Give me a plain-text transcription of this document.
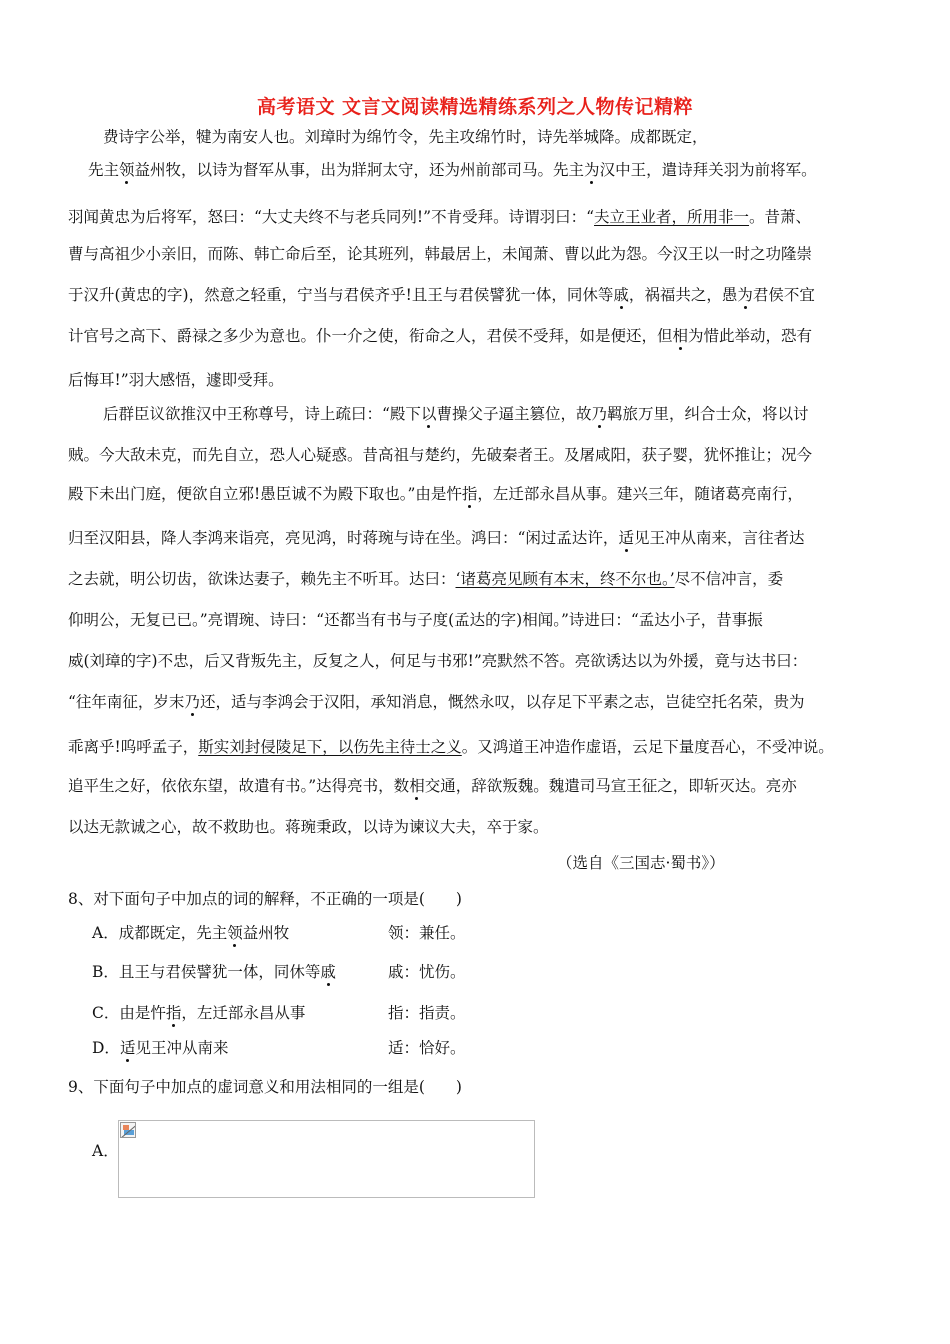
高考语文 文言文阅读精选精练系列之人物传记精粹
费诗字公举，犍为南安人也。刘璋时为绵竹令，先主攻绵竹时，诗先举城降。成都既定，
先主领益州牧，以诗为督军从事，出为牂牁太守，还为州前部司马。先主为汉中王，遣诗拜关羽为前将军。
羽闻黄忠为后将军，怒曰：“大丈夫终不与老兵同列!”不肯受拜。诗谓羽曰：“夫立王业者，所用非一。昔萧、
曹与高祖少小亲旧，而陈、韩亡命后至，论其班列，韩最居上，未闻萧、曹以此为怨。今汉王以一时之功隆崇
于汉升(黄忠的字)，然意之轻重，宁当与君侯齐乎!且王与君侯譬犹一体，同休等戚，祸福共之，愚为君侯不宜
计官号之高下、爵禄之多少为意也。仆一介之使，衔命之人，君侯不受拜，如是便还，但相为惜此举动，恐有
后悔耳!”羽大感悟，遽即受拜。
后群臣议欲推汉中王称尊号，诗上疏曰：“殿下以曹操父子逼主篡位，故乃羁旅万里，纠合士众，将以讨
贼。今大敌未克，而先自立，恐人心疑惑。昔高祖与楚约，先破秦者王。及屠咸阳，获子婴，犹怀推让；况今
殿下未出门庭，便欲自立邪!愚臣诚不为殿下取也。”由是忤指，左迁部永昌从事。建兴三年，随诸葛亮南行，
归至汉阳县，降人李鸿来诣亮，亮见鸿，时蒋琬与诗在坐。鸿曰：“闲过孟达许，适见王冲从南来，言往者达
之去就，明公切齿，欲诛达妻子，赖先主不听耳。达曰：‘诸葛亮见顾有本末，终不尔也。’尽不信冲言，委
仰明公，无复已已。”亮谓琬、诗曰：“还都当有书与子度(孟达的字)相闻。”诗进曰：“孟达小子，昔事振
威(刘璋的字)不忠，后又背叛先主，反复之人，何足与书邪!”亮默然不答。亮欲诱达以为外援，竟与达书曰：
“往年南征，岁末乃还，适与李鸿会于汉阳，承知消息，慨然永叹，以存足下平素之志，岂徒空托名荣，贵为
乖离乎!呜呼孟子，斯实刘封侵陵足下，以伤先主待士之义。又鸿道王冲造作虚语，云足下量度吾心，不受冲说。
追平生之好，依依东望，故遣有书。”达得亮书，数相交通，辞欲叛魏。魏遣司马宣王征之，即斩灭达。亮亦
以达无款诚之心，故不救助也。蒋琬秉政，以诗为谏议大夫，卒于家。
（选自《三国志·蜀书》）
8、对下面句子中加点的词的解释，不正确的一项是(　　)
A．成都既定，先主领益州牧	领：兼任。
B．且王与君侯譬犹一体，同休等戚	戚：忧伤。
C．由是忤指，左迁部永昌从事	指：指责。
D．适见王冲从南来	适：恰好。
9、下面句子中加点的虚词意义和用法相同的一组是(　　)
A．
